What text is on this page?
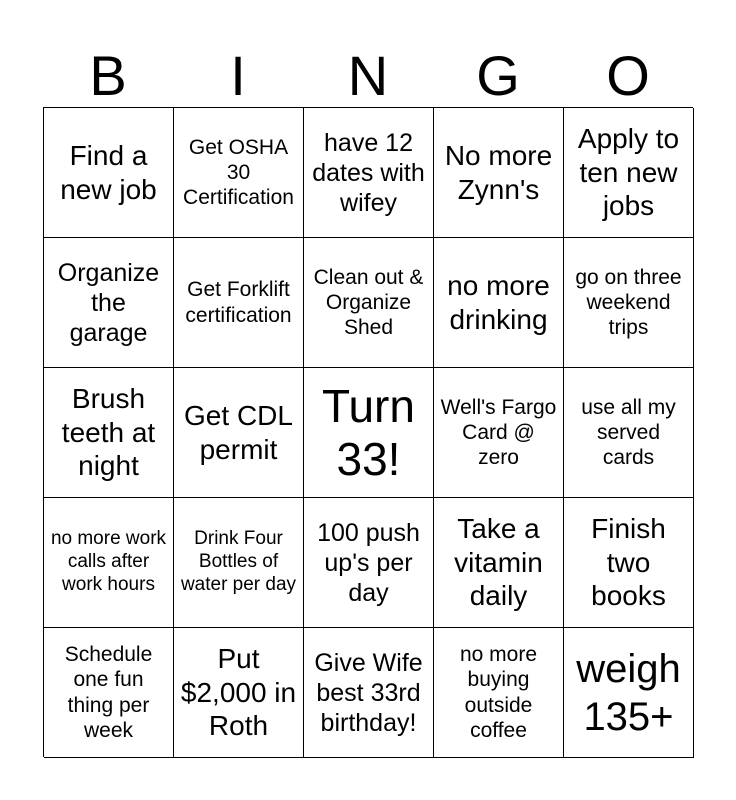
B	I	N	G	O
Find a new job
Get OSHA 30 Certification
have 12 dates with wifey
No more Zynn's
Apply to ten new jobs
Organize the garage
Get Forklift certification
Clean out & Organize Shed
no more drinking
go on three weekend trips
Brush teeth at night
Get CDL permit
Turn 33!
Well's Fargo Card @ zero
use all my served cards
no more work calls after work hours
Drink Four Bottles of water per day
100 push up's per day
Take a vitamin daily
Finish two books
Schedule one fun thing per week
Put $2,000 in Roth
Give Wife best 33rd birthday!
no more buying outside coffee
weigh 135+
